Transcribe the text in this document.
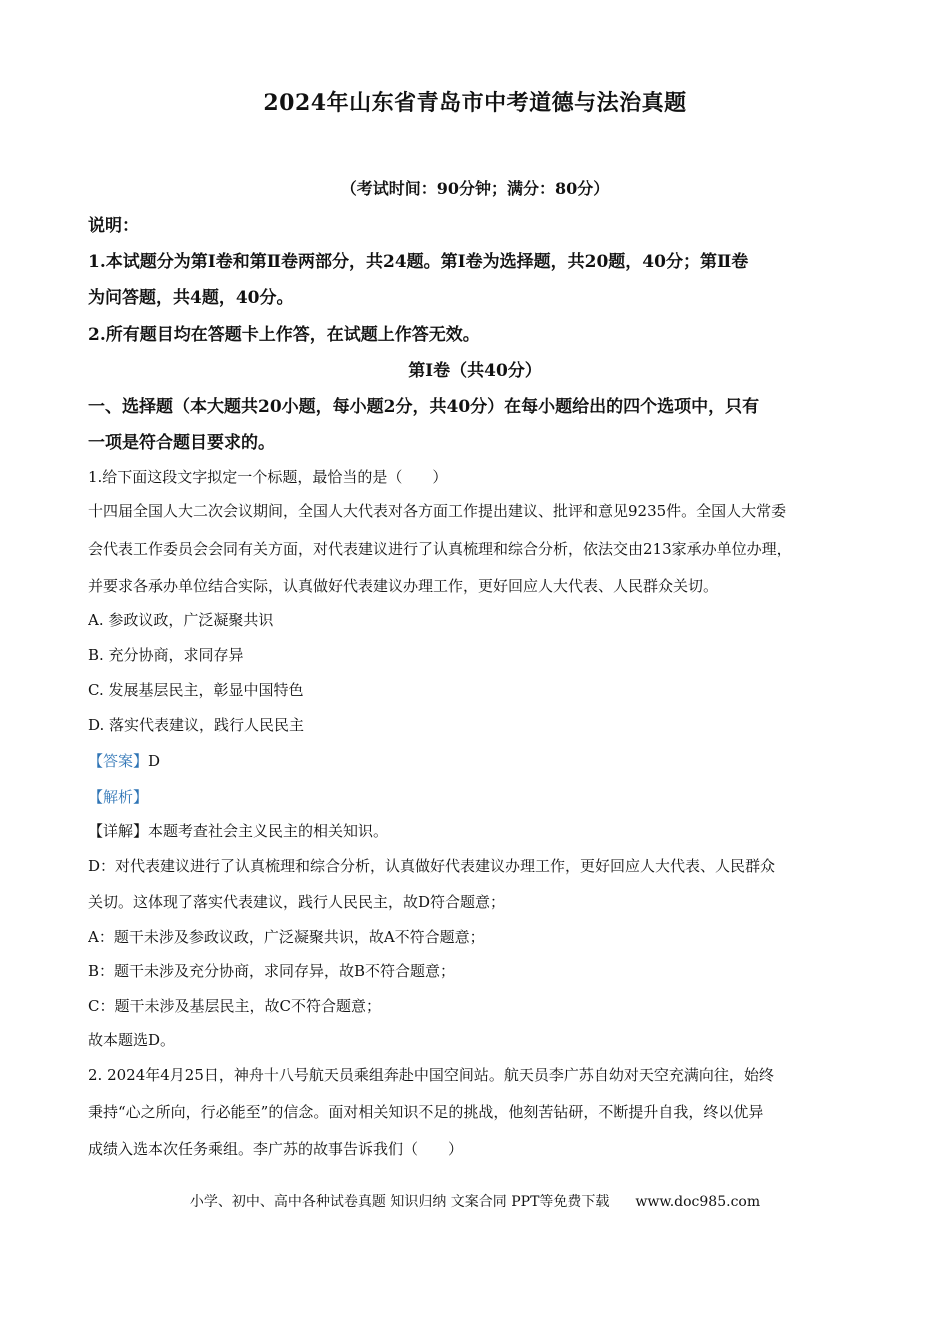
2024年山东省青岛市中考道德与法治真题
（考试时间：90分钟；满分：80分）
说明：
1.本试题分为第Ⅰ卷和第Ⅱ卷两部分，共24题。第Ⅰ卷为选择题，共20题，40分；第Ⅱ卷
为问答题，共4题，40分。
2.所有题目均在答题卡上作答，在试题上作答无效。
第Ⅰ卷（共40分）
一、选择题（本大题共20小题，每小题2分，共40分）在每小题给出的四个选项中，只有
一项是符合题目要求的。
1.给下面这段文字拟定一个标题，最恰当的是（　　）
十四届全国人大二次会议期间，全国人大代表对各方面工作提出建议、批评和意见9235件。全国人大常委
会代表工作委员会会同有关方面，对代表建议进行了认真梳理和综合分析，依法交由213家承办单位办理，
并要求各承办单位结合实际，认真做好代表建议办理工作，更好回应人大代表、人民群众关切。
A. 参政议政，广泛凝聚共识
B. 充分协商，求同存异
C. 发展基层民主，彰显中国特色
D. 落实代表建议，践行人民民主
【答案】D
【解析】
【详解】本题考查社会主义民主的相关知识。
D：对代表建议进行了认真梳理和综合分析，认真做好代表建议办理工作，更好回应人大代表、人民群众
关切。这体现了落实代表建议，践行人民民主，故D符合题意；
A：题干未涉及参政议政，广泛凝聚共识，故A不符合题意；
B：题干未涉及充分协商，求同存异，故B不符合题意；
C：题干未涉及基层民主，故C不符合题意；
故本题选D。
2. 2024年4月25日，神舟十八号航天员乘组奔赴中国空间站。航天员李广苏自幼对天空充满向往，始终
秉持“心之所向，行必能至”的信念。面对相关知识不足的挑战，他刻苦钻研，不断提升自我，终以优异
成绩入选本次任务乘组。李广苏的故事告诉我们（　　）
小学、初中、高中各种试卷真题 知识归纳 文案合同 PPT等免费下载 www.doc985.com
